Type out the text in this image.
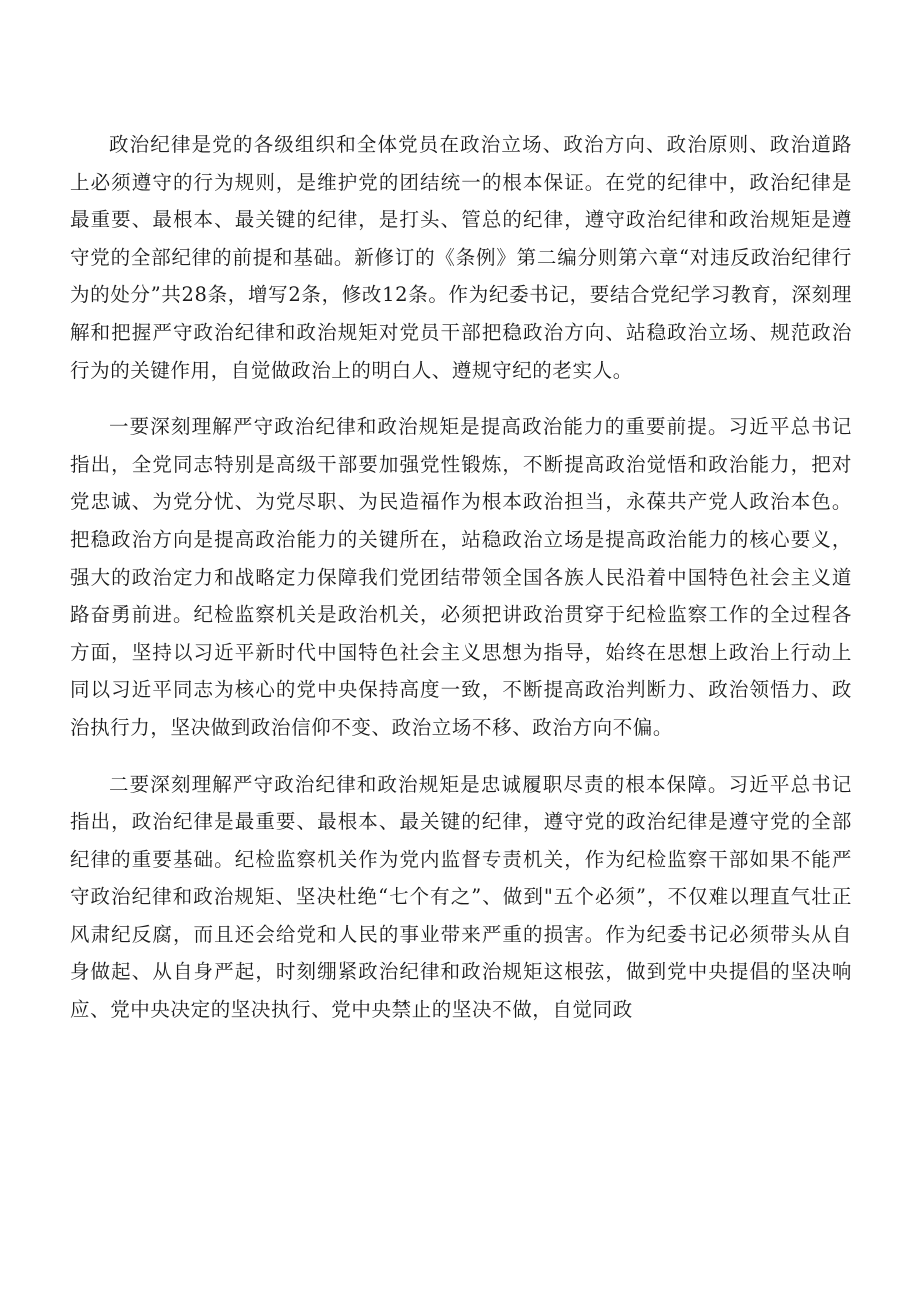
政治纪律是党的各级组织和全体党员在政治立场、政治方向、政治原则、政治道路上必须遵守的行为规则，是维护党的团结统一的根本保证。在党的纪律中，政治纪律是最重要、最根本、最关键的纪律，是打头、管总的纪律，遵守政治纪律和政治规矩是遵守党的全部纪律的前提和基础。新修订的《条例》第二编分则第六章“对违反政治纪律行为的处分”共28条，增写2条，修改12条。作为纪委书记，要结合党纪学习教育，深刻理解和把握严守政治纪律和政治规矩对党员干部把稳政治方向、站稳政治立场、规范政治行为的关键作用，自觉做政治上的明白人、遵规守纪的老实人。

一要深刻理解严守政治纪律和政治规矩是提高政治能力的重要前提。习近平总书记指出，全党同志特别是高级干部要加强党性锻炼，不断提高政治觉悟和政治能力，把对党忠诚、为党分忧、为党尽职、为民造福作为根本政治担当，永葆共产党人政治本色。把稳政治方向是提高政治能力的关键所在，站稳政治立场是提高政治能力的核心要义，强大的政治定力和战略定力保障我们党团结带领全国各族人民沿着中国特色社会主义道路奋勇前进。纪检监察机关是政治机关，必须把讲政治贯穿于纪检监察工作的全过程各方面，坚持以习近平新时代中国特色社会主义思想为指导，始终在思想上政治上行动上同以习近平同志为核心的党中央保持高度一致，不断提高政治判断力、政治领悟力、政治执行力，坚决做到政治信仰不变、政治立场不移、政治方向不偏。

二要深刻理解严守政治纪律和政治规矩是忠诚履职尽责的根本保障。习近平总书记指出，政治纪律是最重要、最根本、最关键的纪律，遵守党的政治纪律是遵守党的全部纪律的重要基础。纪检监察机关作为党内监督专责机关，作为纪检监察干部如果不能严守政治纪律和政治规矩、坚决杜绝“七个有之”、做到"五个必须”，不仅难以理直气壮正风肃纪反腐，而且还会给党和人民的事业带来严重的损害。作为纪委书记必须带头从自身做起、从自身严起，时刻绷紧政治纪律和政治规矩这根弦，做到党中央提倡的坚决响应、党中央决定的坚决执行、党中央禁止的坚决不做，自觉同政
